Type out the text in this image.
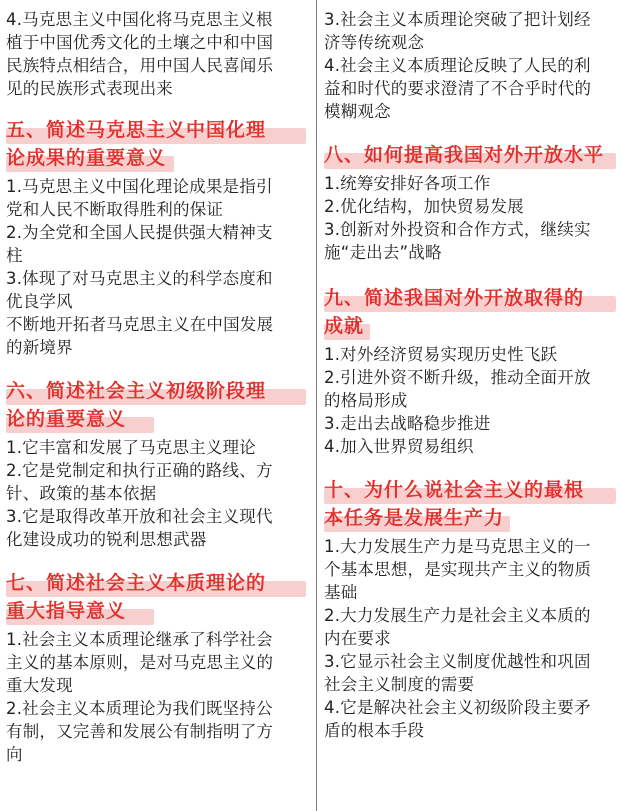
4.马克思主义中国化将马克思主义根
植于中国优秀文化的土壤之中和中国
民族特点相结合，用中国人民喜闻乐
见的民族形式表现出来
五、简述马克思主义中国化理
论成果的重要意义
1.马克思主义中国化理论成果是指引
党和人民不断取得胜利的保证
2.为全党和全国人民提供强大精神支
柱
3.体现了对马克思主义的科学态度和
优良学风
不断地开拓者马克思主义在中国发展
的新境界
六、简述社会主义初级阶段理
论的重要意义
1.它丰富和发展了马克思主义理论
2.它是党制定和执行正确的路线、方
针、政策的基本依据
3.它是取得改革开放和社会主义现代
化建设成功的锐利思想武器
七、简述社会主义本质理论的
重大指导意义
1.社会主义本质理论继承了科学社会
主义的基本原则，是对马克思主义的
重大发现
2.社会主义本质理论为我们既坚持公
有制，又完善和发展公有制指明了方
向
3.社会主义本质理论突破了把计划经
济等传统观念
4.社会主义本质理论反映了人民的利
益和时代的要求澄清了不合乎时代的
模糊观念
八、如何提高我国对外开放水平
1.统筹安排好各项工作
2.优化结构，加快贸易发展
3.创新对外投资和合作方式，继续实
施“走出去”战略
九、简述我国对外开放取得的
成就
1.对外经济贸易实现历史性飞跃
2.引进外资不断升级，推动全面开放
的格局形成
3.走出去战略稳步推进
4.加入世界贸易组织
十、为什么说社会主义的最根
本任务是发展生产力
1.大力发展生产力是马克思主义的一
个基本思想，是实现共产主义的物质
基础
2.大力发展生产力是社会主义本质的
内在要求
3.它显示社会主义制度优越性和巩固
社会主义制度的需要
4.它是解决社会主义初级阶段主要矛
盾的根本手段
